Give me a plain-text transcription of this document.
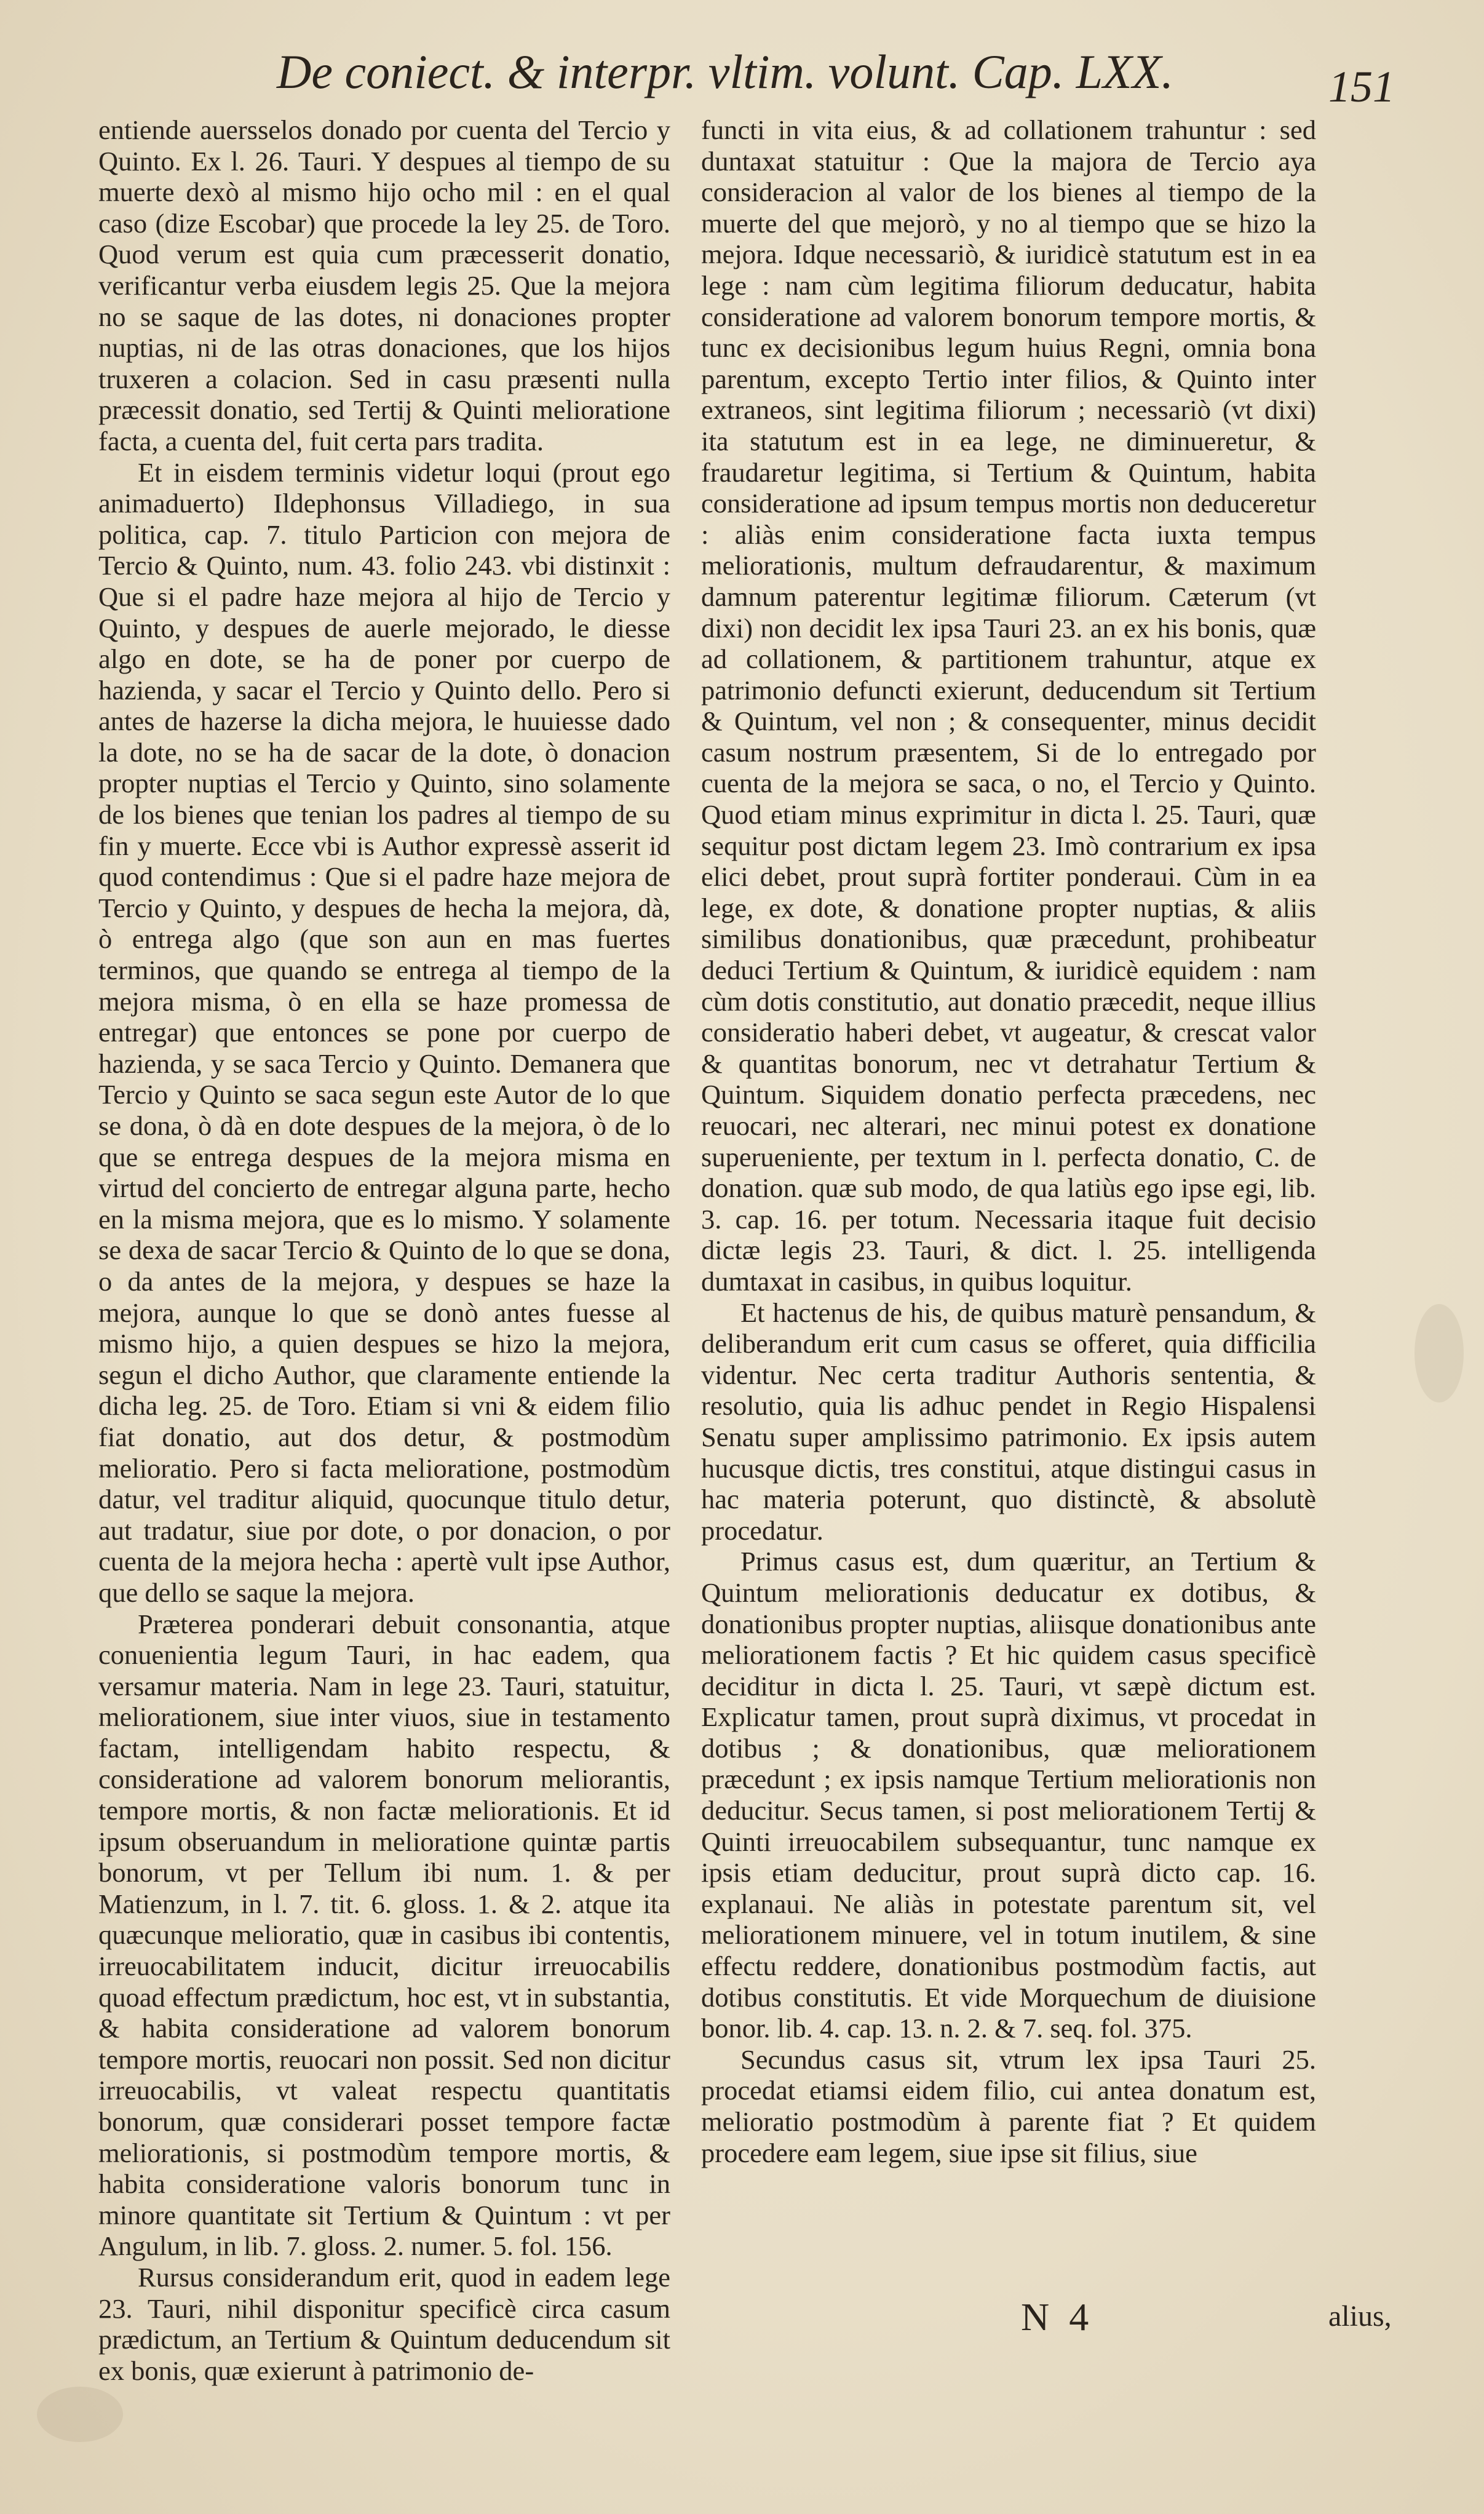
De coniect. & interpr. vltim. volunt. Cap. LXX.	151

entiende auersselos donado por cuenta del Tercio y Quinto. Ex l. 26. Tauri. Y despues al tiempo de su muerte dexò al mismo hijo ocho mil : en el qual caso (dize Escobar) que procede la ley 25. de Toro. Quod verum est quia cum præcesserit donatio, verificantur verba eiusdem legis 25. Que la mejora no se saque de las dotes, ni donaciones propter nuptias, ni de las otras donaciones, que los hijos truxeren a colacion. Sed in casu præsenti nulla præcessit donatio, sed Tertij & Quinti melioratione facta, a cuenta del, fuit certa pars tradita.

Et in eisdem terminis videtur loqui (prout ego animaduerto) Ildephonsus Villadiego, in sua politica, cap. 7. titulo Particion con mejora de Tercio & Quinto, num. 43. folio 243. vbi distinxit : Que si el padre haze mejora al hijo de Tercio y Quinto, y despues de auerle mejorado, le diesse algo en dote, se ha de poner por cuerpo de hazienda, y sacar el Tercio y Quinto dello. Pero si antes de hazerse la dicha mejora, le huuiesse dado la dote, no se ha de sacar de la dote, ò donacion propter nuptias el Tercio y Quinto, sino solamente de los bienes que tenian los padres al tiempo de su fin y muerte. Ecce vbi is Author expressè asserit id quod contendimus : Que si el padre haze mejora de Tercio y Quinto, y despues de hecha la mejora, dà, ò entrega algo (que son aun en mas fuertes terminos, que quando se entrega al tiempo de la mejora misma, ò en ella se haze promessa de entregar) que entonces se pone por cuerpo de hazienda, y se saca Tercio y Quinto. Demanera que Tercio y Quinto se saca segun este Autor de lo que se dona, ò dà en dote despues de la mejora, ò de lo que se entrega despues de la mejora misma en virtud del concierto de entregar alguna parte, hecho en la misma mejora, que es lo mismo. Y solamente se dexa de sacar Tercio & Quinto de lo que se dona, o da antes de la mejora, y despues se haze la mejora, aunque lo que se donò antes fuesse al mismo hijo, a quien despues se hizo la mejora, segun el dicho Author, que claramente entiende la dicha leg. 25. de Toro. Etiam si vni & eidem filio fiat donatio, aut dos detur, & postmodùm melioratio. Pero si facta melioratione, postmodùm datur, vel traditur aliquid, quocunque titulo detur, aut tradatur, siue por dote, o por donacion, o por cuenta de la mejora hecha : apertè vult ipse Author, que dello se saque la mejora.

Præterea ponderari debuit consonantia, atque conuenientia legum Tauri, in hac eadem, qua versamur materia. Nam in lege 23. Tauri, statuitur, meliorationem, siue inter viuos, siue in testamento factam, intelligendam habito respectu, & consideratione ad valorem bonorum meliorantis, tempore mortis, & non factæ meliorationis. Et id ipsum obseruandum in melioratione quintæ partis bonorum, vt per Tellum ibi num. 1. & per Matienzum, in l. 7. tit. 6. gloss. 1. & 2. atque ita quæcunque melioratio, quæ in casibus ibi contentis, irreuocabilitatem inducit, dicitur irreuocabilis quoad effectum prædictum, hoc est, vt in substantia, & habita consideratione ad valorem bonorum tempore mortis, reuocari non possit. Sed non dicitur irreuocabilis, vt valeat respectu quantitatis bonorum, quæ considerari posset tempore factæ meliorationis, si postmodùm tempore mortis, & habita consideratione valoris bonorum tunc in minore quantitate sit Tertium & Quintum : vt per Angulum, in lib. 7. gloss. 2. numer. 5. fol. 156.

Rursus considerandum erit, quod in eadem lege 23. Tauri, nihil disponitur specificè circa casum prædictum, an Tertium & Quintum deducendum sit ex bonis, quæ exierunt à patrimonio de-

functi in vita eius, & ad collationem trahuntur : sed duntaxat statuitur : Que la majora de Tercio aya consideracion al valor de los bienes al tiempo de la muerte del que mejorò, y no al tiempo que se hizo la mejora. Idque necessariò, & iuridicè statutum est in ea lege : nam cùm legitima filiorum deducatur, habita consideratione ad valorem bonorum tempore mortis, & tunc ex decisionibus legum huius Regni, omnia bona parentum, excepto Tertio inter filios, & Quinto inter extraneos, sint legitima filiorum ; necessariò (vt dixi) ita statutum est in ea lege, ne diminueretur, & fraudaretur legitima, si Tertium & Quintum, habita consideratione ad ipsum tempus mortis non deduceretur : aliàs enim consideratione facta iuxta tempus meliorationis, multum defraudarentur, & maximum damnum paterentur legitimæ filiorum. Cæterum (vt dixi) non decidit lex ipsa Tauri 23. an ex his bonis, quæ ad collationem, & partitionem trahuntur, atque ex patrimonio defuncti exierunt, deducendum sit Tertium & Quintum, vel non ; & consequenter, minus decidit casum nostrum præsentem, Si de lo entregado por cuenta de la mejora se saca, o no, el Tercio y Quinto. Quod etiam minus exprimitur in dicta l. 25. Tauri, quæ sequitur post dictam legem 23. Imò contrarium ex ipsa elici debet, prout suprà fortiter ponderaui. Cùm in ea lege, ex dote, & donatione propter nuptias, & aliis similibus donationibus, quæ præcedunt, prohibeatur deduci Tertium & Quintum, & iuridicè equidem : nam cùm dotis constitutio, aut donatio præcedit, neque illius consideratio haberi debet, vt augeatur, & crescat valor & quantitas bonorum, nec vt detrahatur Tertium & Quintum. Siquidem donatio perfecta præcedens, nec reuocari, nec alterari, nec minui potest ex donatione superueniente, per textum in l. perfecta donatio, C. de donation. quæ sub modo, de qua latiùs ego ipse egi, lib. 3. cap. 16. per totum. Necessaria itaque fuit decisio dictæ legis 23. Tauri, & dict. l. 25. intelligenda dumtaxat in casibus, in quibus loquitur.

Et hactenus de his, de quibus maturè pensandum, & deliberandum erit cum casus se offeret, quia difficilia videntur. Nec certa traditur Authoris sententia, & resolutio, quia lis adhuc pendet in Regio Hispalensi Senatu super amplissimo patrimonio. Ex ipsis autem hucusque dictis, tres constitui, atque distingui casus in hac materia poterunt, quo distinctè, & absolutè procedatur.

Primus casus est, dum quæritur, an Tertium & Quintum meliorationis deducatur ex dotibus, & donationibus propter nuptias, aliisque donationibus ante meliorationem factis ? Et hic quidem casus specificè deciditur in dicta l. 25. Tauri, vt sæpè dictum est. Explicatur tamen, prout suprà diximus, vt procedat in dotibus ; & donationibus, quæ meliorationem præcedunt ; ex ipsis namque Tertium meliorationis non deducitur. Secus tamen, si post meliorationem Tertij & Quinti irreuocabilem subsequantur, tunc namque ex ipsis etiam deducitur, prout suprà dicto cap. 16. explanaui. Ne aliàs in potestate parentum sit, vel meliorationem minuere, vel in totum inutilem, & sine effectu reddere, donationibus postmodùm factis, aut dotibus constitutis. Et vide Morquechum de diuisione bonor. lib. 4. cap. 13. n. 2. & 7. seq. fol. 375.

Secundus casus sit, vtrum lex ipsa Tauri 25. procedat etiamsi eidem filio, cui antea donatum est, melioratio postmodùm à parente fiat ? Et quidem procedere eam legem, siue ipse sit filius, siue

N 4	alius,
